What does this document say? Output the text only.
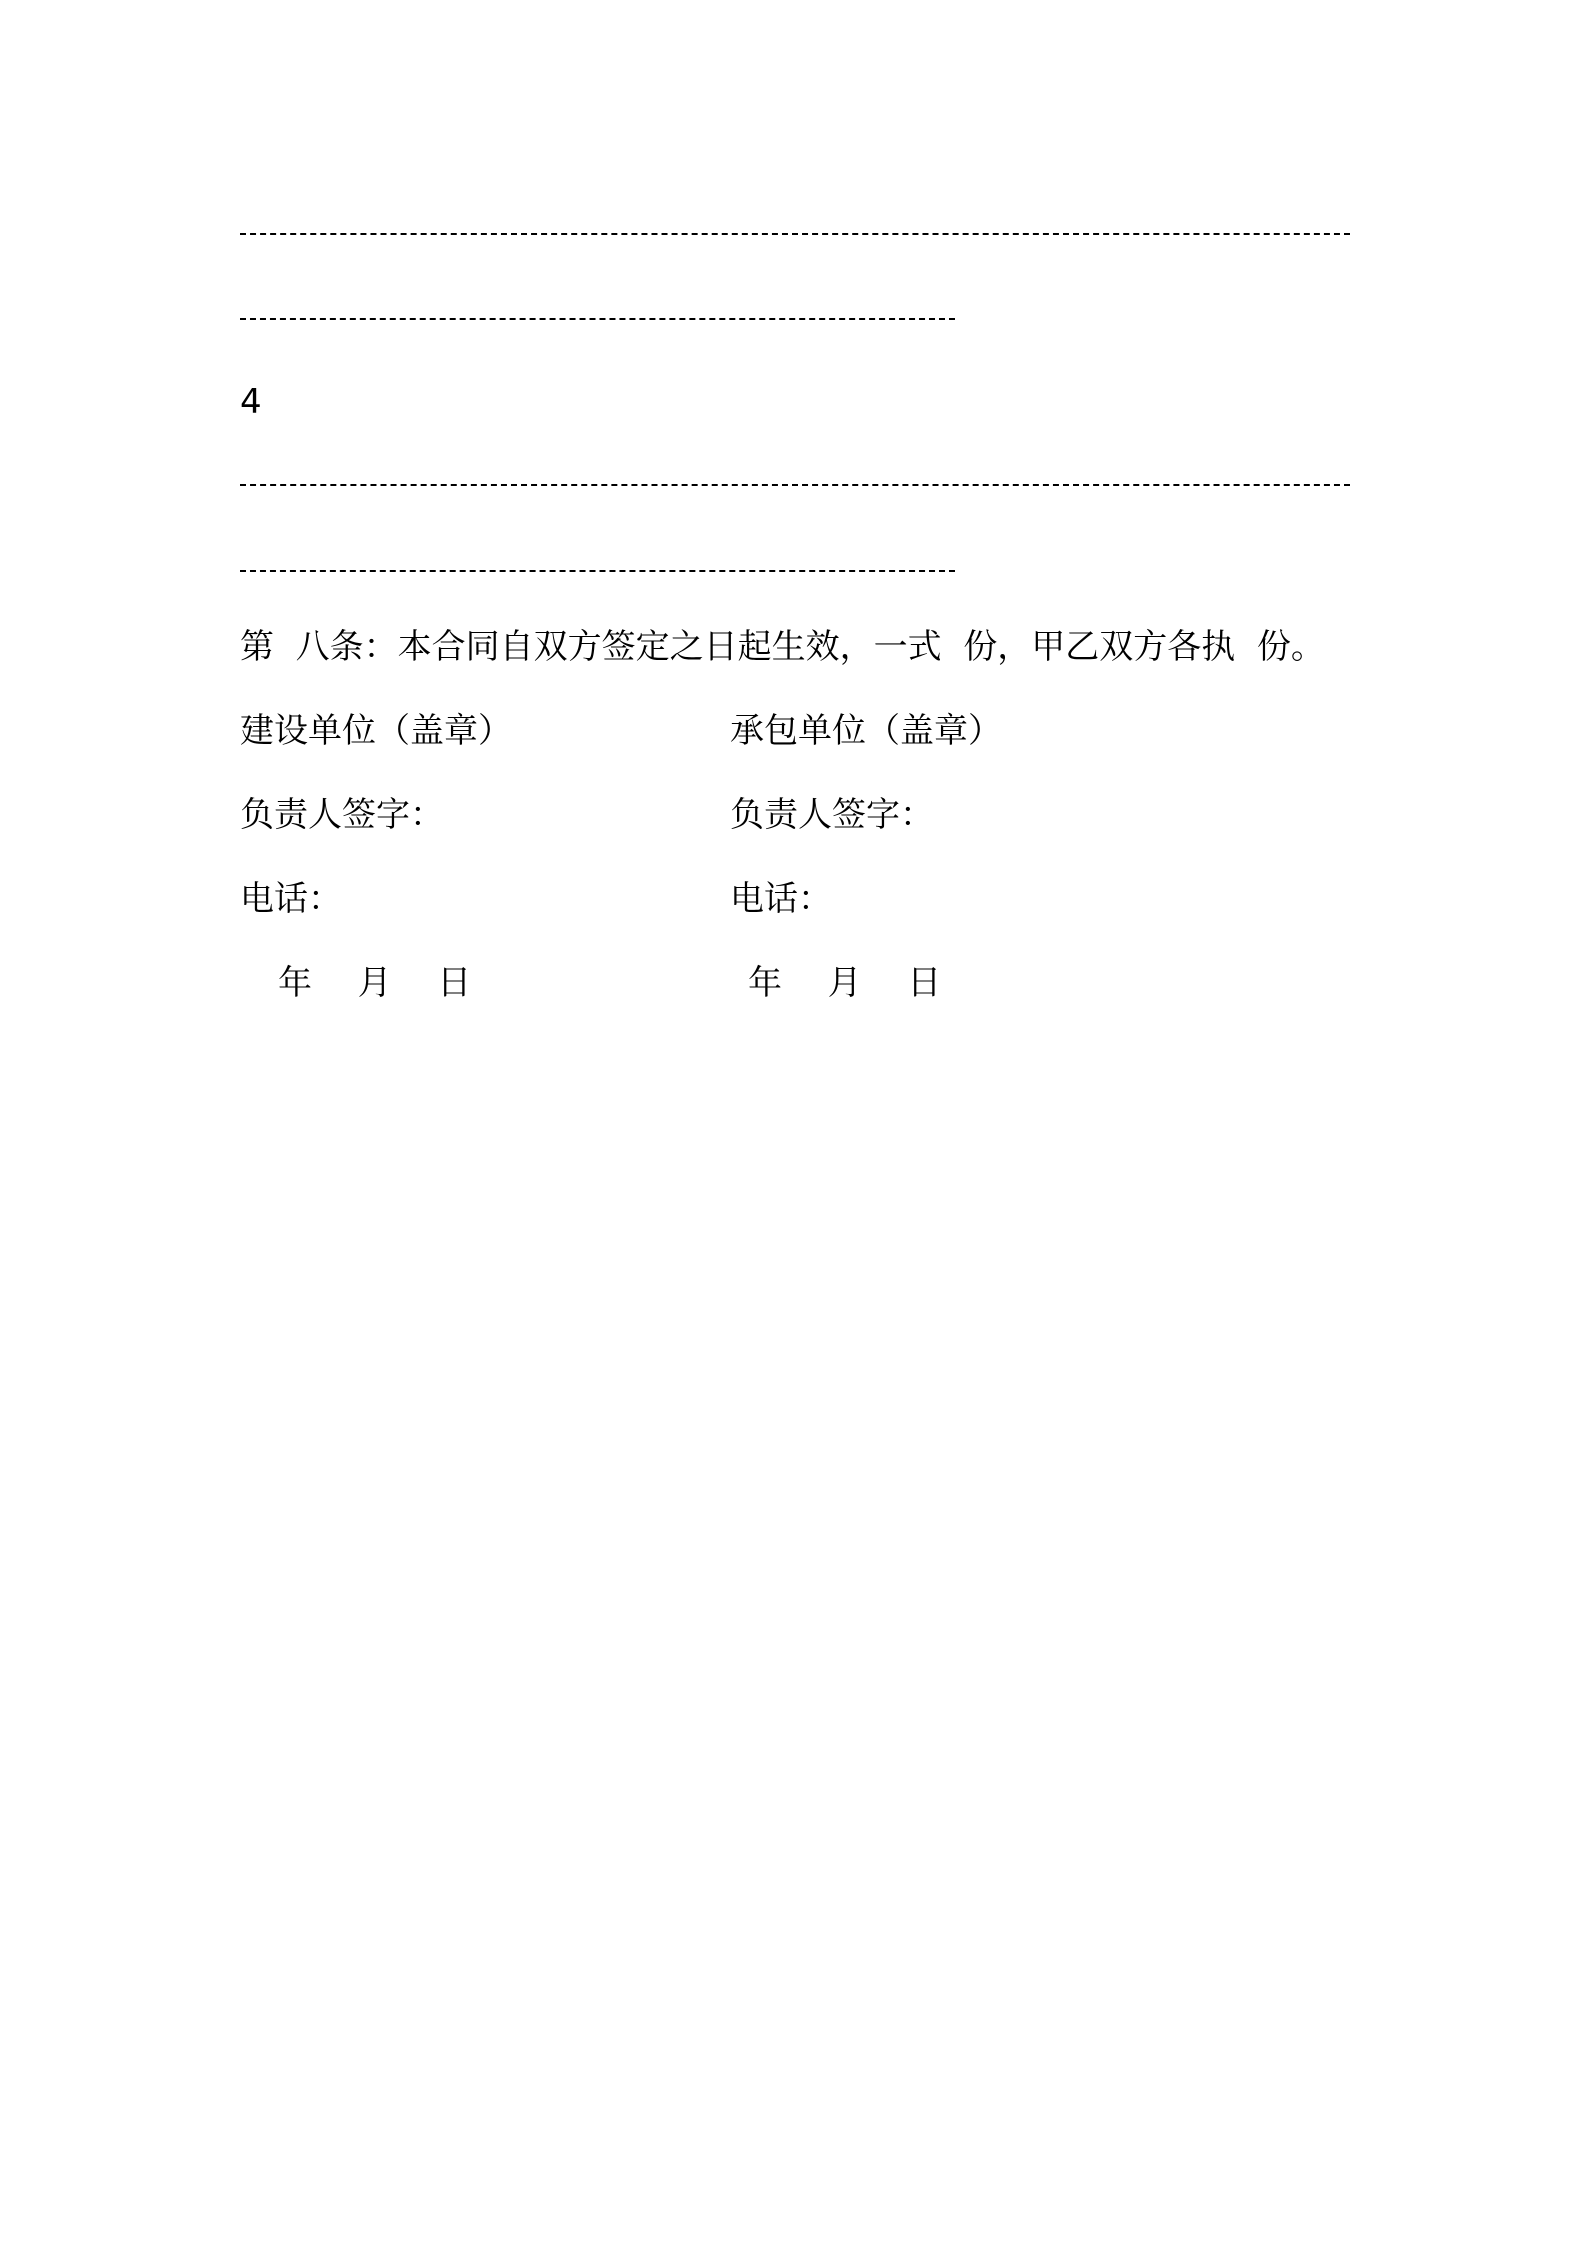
4
第  八条：本合同自双方签定之日起生效，一式  份，甲乙双方各执  份。
建设单位（盖章）	承包单位（盖章）
负责人签字：	负责人签字：
电话：	电话：
年  月  日	年  月  日
